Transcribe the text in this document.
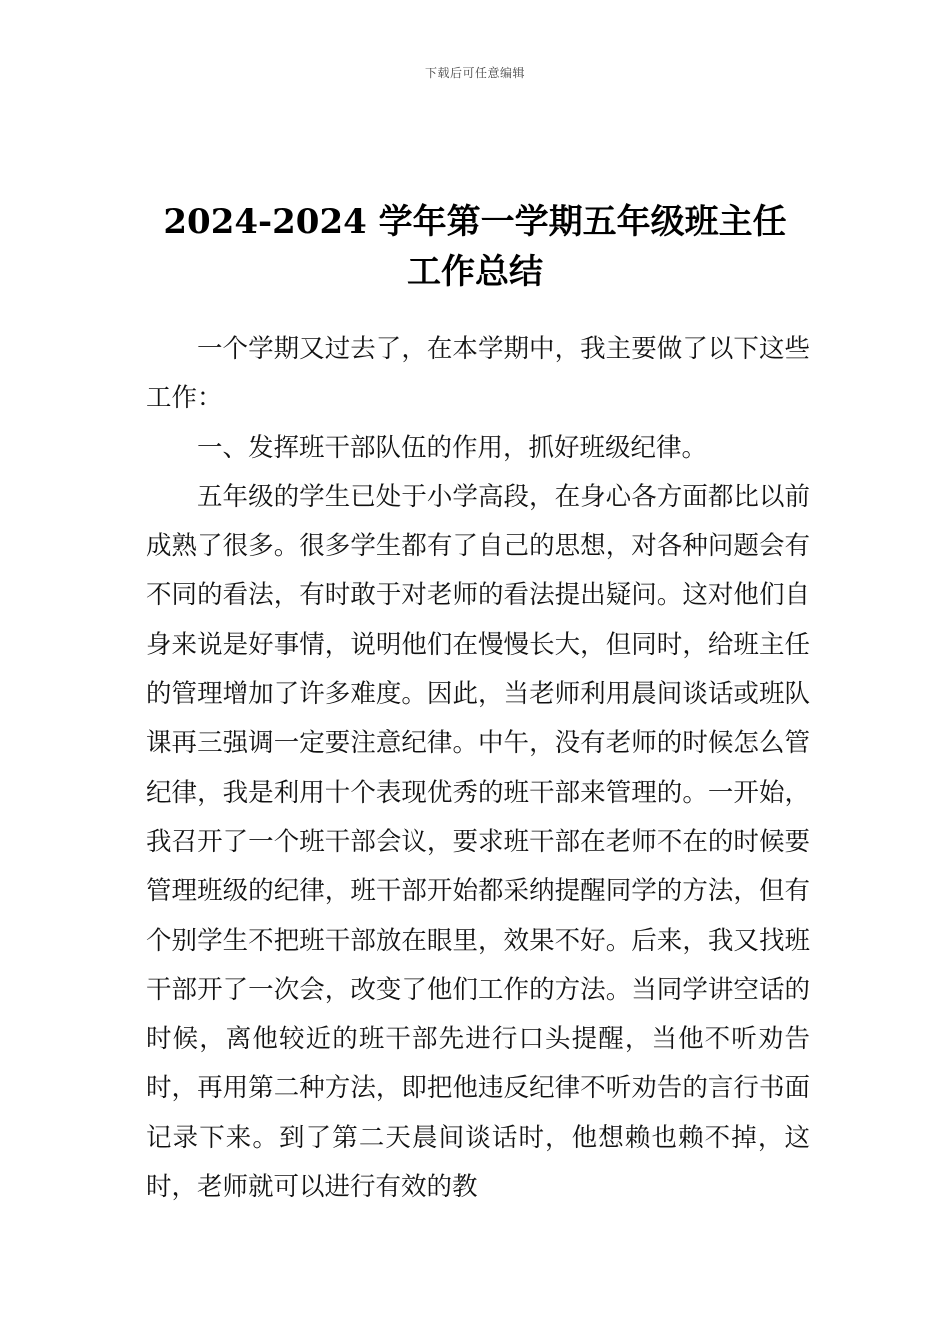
下载后可任意编辑
2024-2024 学年第一学期五年级班主任
工作总结

一个学期又过去了，在本学期中，我主要做了以下这些工作：

一、发挥班干部队伍的作用，抓好班级纪律。

五年级的学生已处于小学高段，在身心各方面都比以前成熟了很多。很多学生都有了自己的思想，对各种问题会有不同的看法，有时敢于对老师的看法提出疑问。这对他们自身来说是好事情，说明他们在慢慢长大，但同时，给班主任的管理增加了许多难度。因此，当老师利用晨间谈话或班队课再三强调一定要注意纪律。中午，没有老师的时候怎么管纪律，我是利用十个表现优秀的班干部来管理的。一开始，我召开了一个班干部会议，要求班干部在老师不在的时候要管理班级的纪律，班干部开始都采纳提醒同学的方法，但有个别学生不把班干部放在眼里，效果不好。后来，我又找班干部开了一次会，改变了他们工作的方法。当同学讲空话的时候，离他较近的班干部先进行口头提醒，当他不听劝告时，再用第二种方法，即把他违反纪律不听劝告的言行书面记录下来。到了第二天晨间谈话时，他想赖也赖不掉，这时，老师就可以进行有效的教
